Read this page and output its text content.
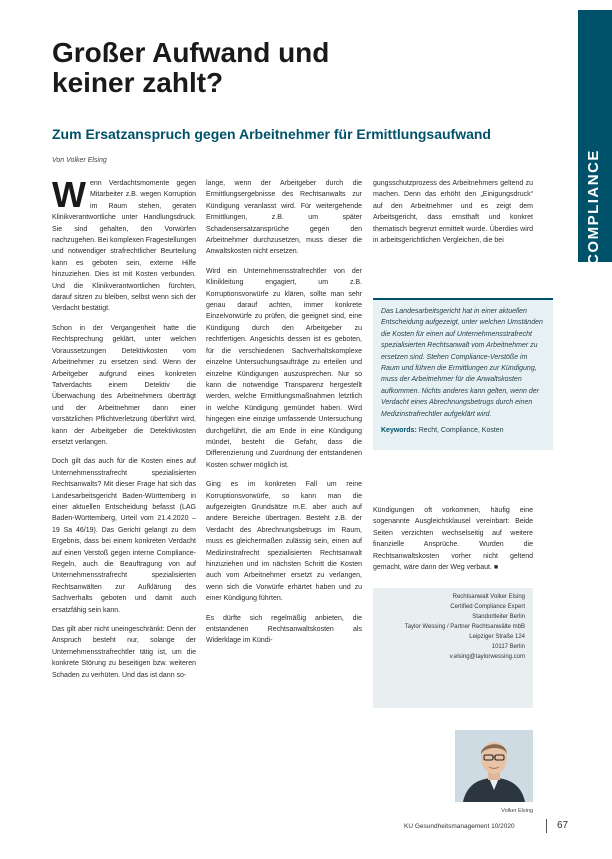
COMPLIANCE
Großer Aufwand und
keiner zahlt?
Zum Ersatzanspruch gegen Arbeitnehmer für Ermittlungsaufwand
Von Volker Elsing

Wenn Verdachtsmomente gegen Mitarbeiter z.B. wegen Korruption im Raum stehen, geraten Klinikverantwortliche unter Handlungsdruck. Sie sind gehalten, den Vorwürfen nachzugehen. Bei komplexen Fragestellungen und notwendiger strafrechtlicher Beurteilung kann es geboten sein, externe Hilfe hinzuziehen. Dies ist mit Kosten verbunden. Und die Klinikverantwortlichen fürchten, darauf sitzen zu bleiben, selbst wenn sich der Verdacht bestätigt.

Schon in der Vergangenheit hatte die Rechtsprechung geklärt, unter welchen Voraussetzungen Detektivkosten vom Arbeitnehmer zu ersetzen sind. Wenn der Arbeitgeber aufgrund eines konkreten Tatverdachts einem Detektiv die Überwachung des Arbeitnehmers überträgt und der Arbeitnehmer dann einer vorsätzlichen Pflichtverletzung überführt wird, kann der Arbeitgeber die Detektivkosten ersetzt verlangen.

Doch gilt das auch für die Kosten eines auf Unternehmensstrafrecht spezialisierten Rechtsanwalts? Mit dieser Frage hat sich das Landesarbeitsgericht Baden-Württemberg in einer aktuellen Entscheidung befasst (LAG Baden-Württemberg, Urteil vom 21.4.2020 – 19 Sa 46/19). Das Gericht gelangt zu dem Ergebnis, dass bei einem konkreten Verdacht auf einen Verstoß gegen interne Compliance-Regeln, auch die Beauftragung von auf Unternehmensstrafrecht spezialisierten Rechtsanwälten zur Aufklärung des Sachverhalts geboten und damit auch ersatzfähig sein kann.

Das gilt aber nicht uneingeschränkt: Denn der Anspruch besteht nur, solange der Unternehmensstrafrechtler tätig ist, um die konkrete Störung zu beseitigen bzw. weiteren Schaden zu verhüten. Und das ist dann so-

lange, wenn der Arbeitgeber durch die Ermittlungsergebnisse des Rechtsanwalts zur Kündigung veranlasst wird. Für weitergehende Ermittlungen, z.B. um später Schadensersatzansprüche gegen den Arbeitnehmer durchzusetzen, muss dieser die Anwaltskosten nicht ersetzen.

Wird ein Unternehmensstrafrechtler von der Klinikleitung engagiert, um z.B. Korruptionsvorwürfe zu klären, sollte man sehr genau darauf achten, immer konkrete Einzelvorwürfe zu prüfen, die geeignet sind, eine Kündigung durch den Arbeitgeber zu rechtfertigen. Angesichts dessen ist es geboten, für die verschiedenen Sachverhaltskomplexe einzelne Untersuchungsaufträge zu erteilen und einzelne Kündigungen auszusprechen. Nur so kann die notwendige Transparenz hergestellt werden, welche Ermittlungsmaßnahmen letztlich in welche Kündigung gemündet haben. Wird hingegen eine einzige umfassende Untersuchung durchgeführt, die am Ende in eine Kündigung mündet, besteht die Gefahr, dass die Differenzierung und Zuordnung der entstandenen Kosten schwer möglich ist.

Ging es im konkreten Fall um reine Korruptionsvorwürfe, so kann man die aufgezeigten Grundsätze m.E. aber auch auf andere Bereiche übertragen. Besteht z.B. der Verdacht des Abrechnungsbetrugs im Raum, muss es gleichermaßen zulässig sein, einen auf Medizinstrafrecht spezialisierten Rechtsanwalt hinzuziehen und im nächsten Schritt die Kosten auch vom Arbeitnehmer ersetzt zu verlangen, wenn sich die Vorwürfe erhärtet haben und zu einer Kündigung führten.

Es dürfte sich regelmäßig anbieten, die entstandenen Rechtsanwaltskosten als Widerklage im Kündi-

gungsschutzprozess des Arbeitnehmers geltend zu machen. Denn das erhöht den „Einigungsdruck“ auf den Arbeitnehmer und es zeigt dem Arbeitsgericht, dass ernsthaft und konkret thematisch begrenzt ermittelt wurde. Überdies wird in arbeitsgerichtlichen Vergleichen, die bei

Das Landesarbeitsgericht hat in einer aktuellen Entscheidung aufgezeigt, unter welchen Umständen die Kosten für einen auf Unternehmensstrafrecht spezialisierten Rechtsanwalt vom Arbeitnehmer zu ersetzen sind. Stehen Compliance-Verstöße im Raum und führen die Ermittlungen zur Kündigung, muss der Arbeitnehmer für die Anwaltskosten aufkommen. Nichts anderes kann gelten, wenn der Verdacht eines Abrechnungsbetrugs durch einen Medizinstrafrechtler aufgeklärt wird.

Keywords: Recht, Compliance, Kosten

Kündigungen oft vorkommen, häufig eine sogenannte Ausgleichsklausel vereinbart: Beide Seiten verzichten wechselseitig auf weitere finanzielle Ansprüche. Wurden die Rechtsanwaltskosten vorher nicht geltend gemacht, wäre dann der Weg verbaut. ■

Rechtsanwalt Volker Elsing
Certified Compliance Expert
Standortleiter Berlin
Taylor Wessing / Partner Rechtsanwälte mbB
Leipziger Straße 124
10117 Berlin
v.elsing@taylorwessing.com
Volker Elsing
KU Gesundheitsmanagement 10/2020	67
